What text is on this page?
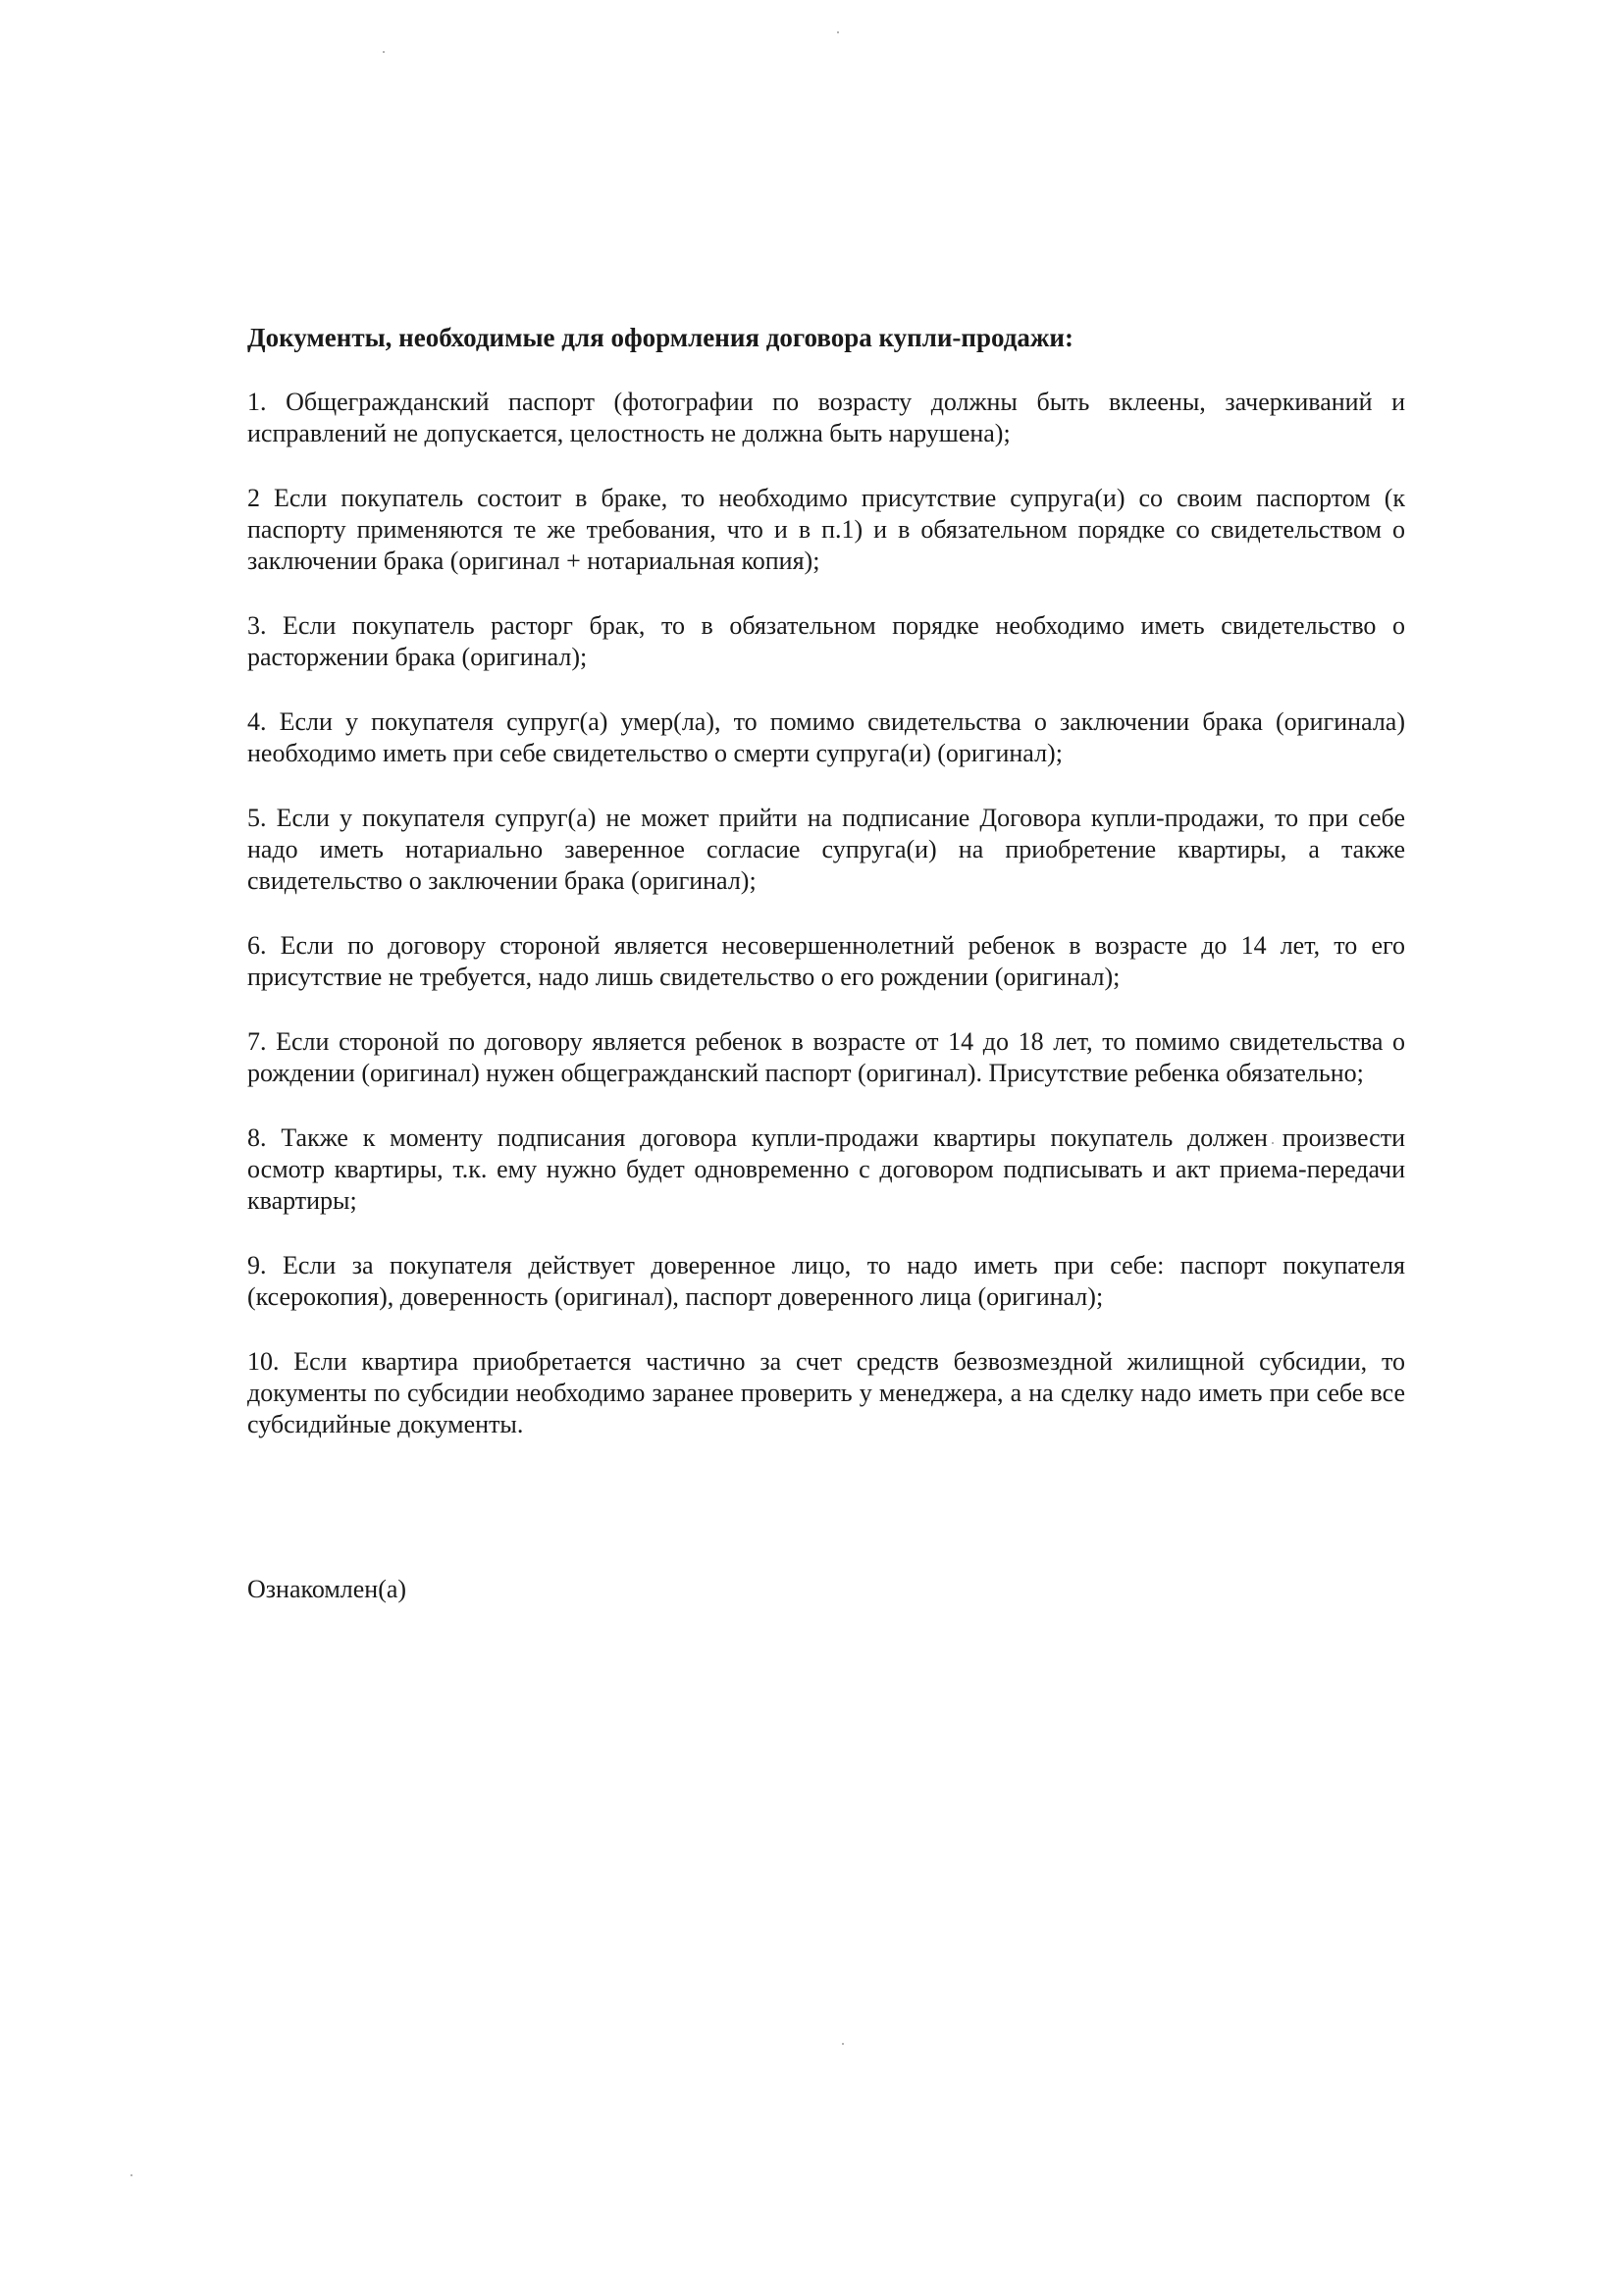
Документы, необходимые для оформления договора купли-продажи:

1. Общегражданский паспорт (фотографии по возрасту должны быть вклеены, зачеркиваний и исправлений не допускается, целостность не должна быть нарушена);

2 Если покупатель состоит в браке, то необходимо присутствие супруга(и) со своим паспортом (к паспорту применяются те же требования, что и в п.1) и в обязательном порядке со свидетельством о заключении брака (оригинал + нотариальная копия);

3. Если покупатель расторг брак, то в обязательном порядке необходимо иметь свидетельство о расторжении брака (оригинал);

4. Если у покупателя супруг(а) умер(ла), то помимо свидетельства о заключении брака (оригинала) необходимо иметь при себе свидетельство о смерти супруга(и) (оригинал);

5. Если у покупателя супруг(а) не может прийти на подписание Договора купли-продажи, то при себе надо иметь нотариально заверенное согласие супруга(и) на приобретение квартиры, а также свидетельство о заключении брака (оригинал);

6. Если по договору стороной является несовершеннолетний ребенок в возрасте до 14 лет, то его присутствие не требуется, надо лишь свидетельство о его рождении (оригинал);

7. Если стороной по договору является ребенок в возрасте от 14 до 18 лет, то помимо свидетельства о рождении (оригинал) нужен общегражданский паспорт (оригинал). Присутствие ребенка обязательно;

8. Также к моменту подписания договора купли-продажи квартиры покупатель должен произвести осмотр квартиры, т.к. ему нужно будет одновременно с договором подписывать и акт приема-передачи квартиры;

9. Если за покупателя действует доверенное лицо, то надо иметь при себе: паспорт покупателя (ксерокопия), доверенность (оригинал), паспорт доверенного лица (оригинал);

10. Если квартира приобретается частично за счет средств безвозмездной жилищной субсидии, то документы по субсидии необходимо заранее проверить у менеджера, а на сделку надо иметь при себе все субсидийные документы.

Ознакомлен(а)
